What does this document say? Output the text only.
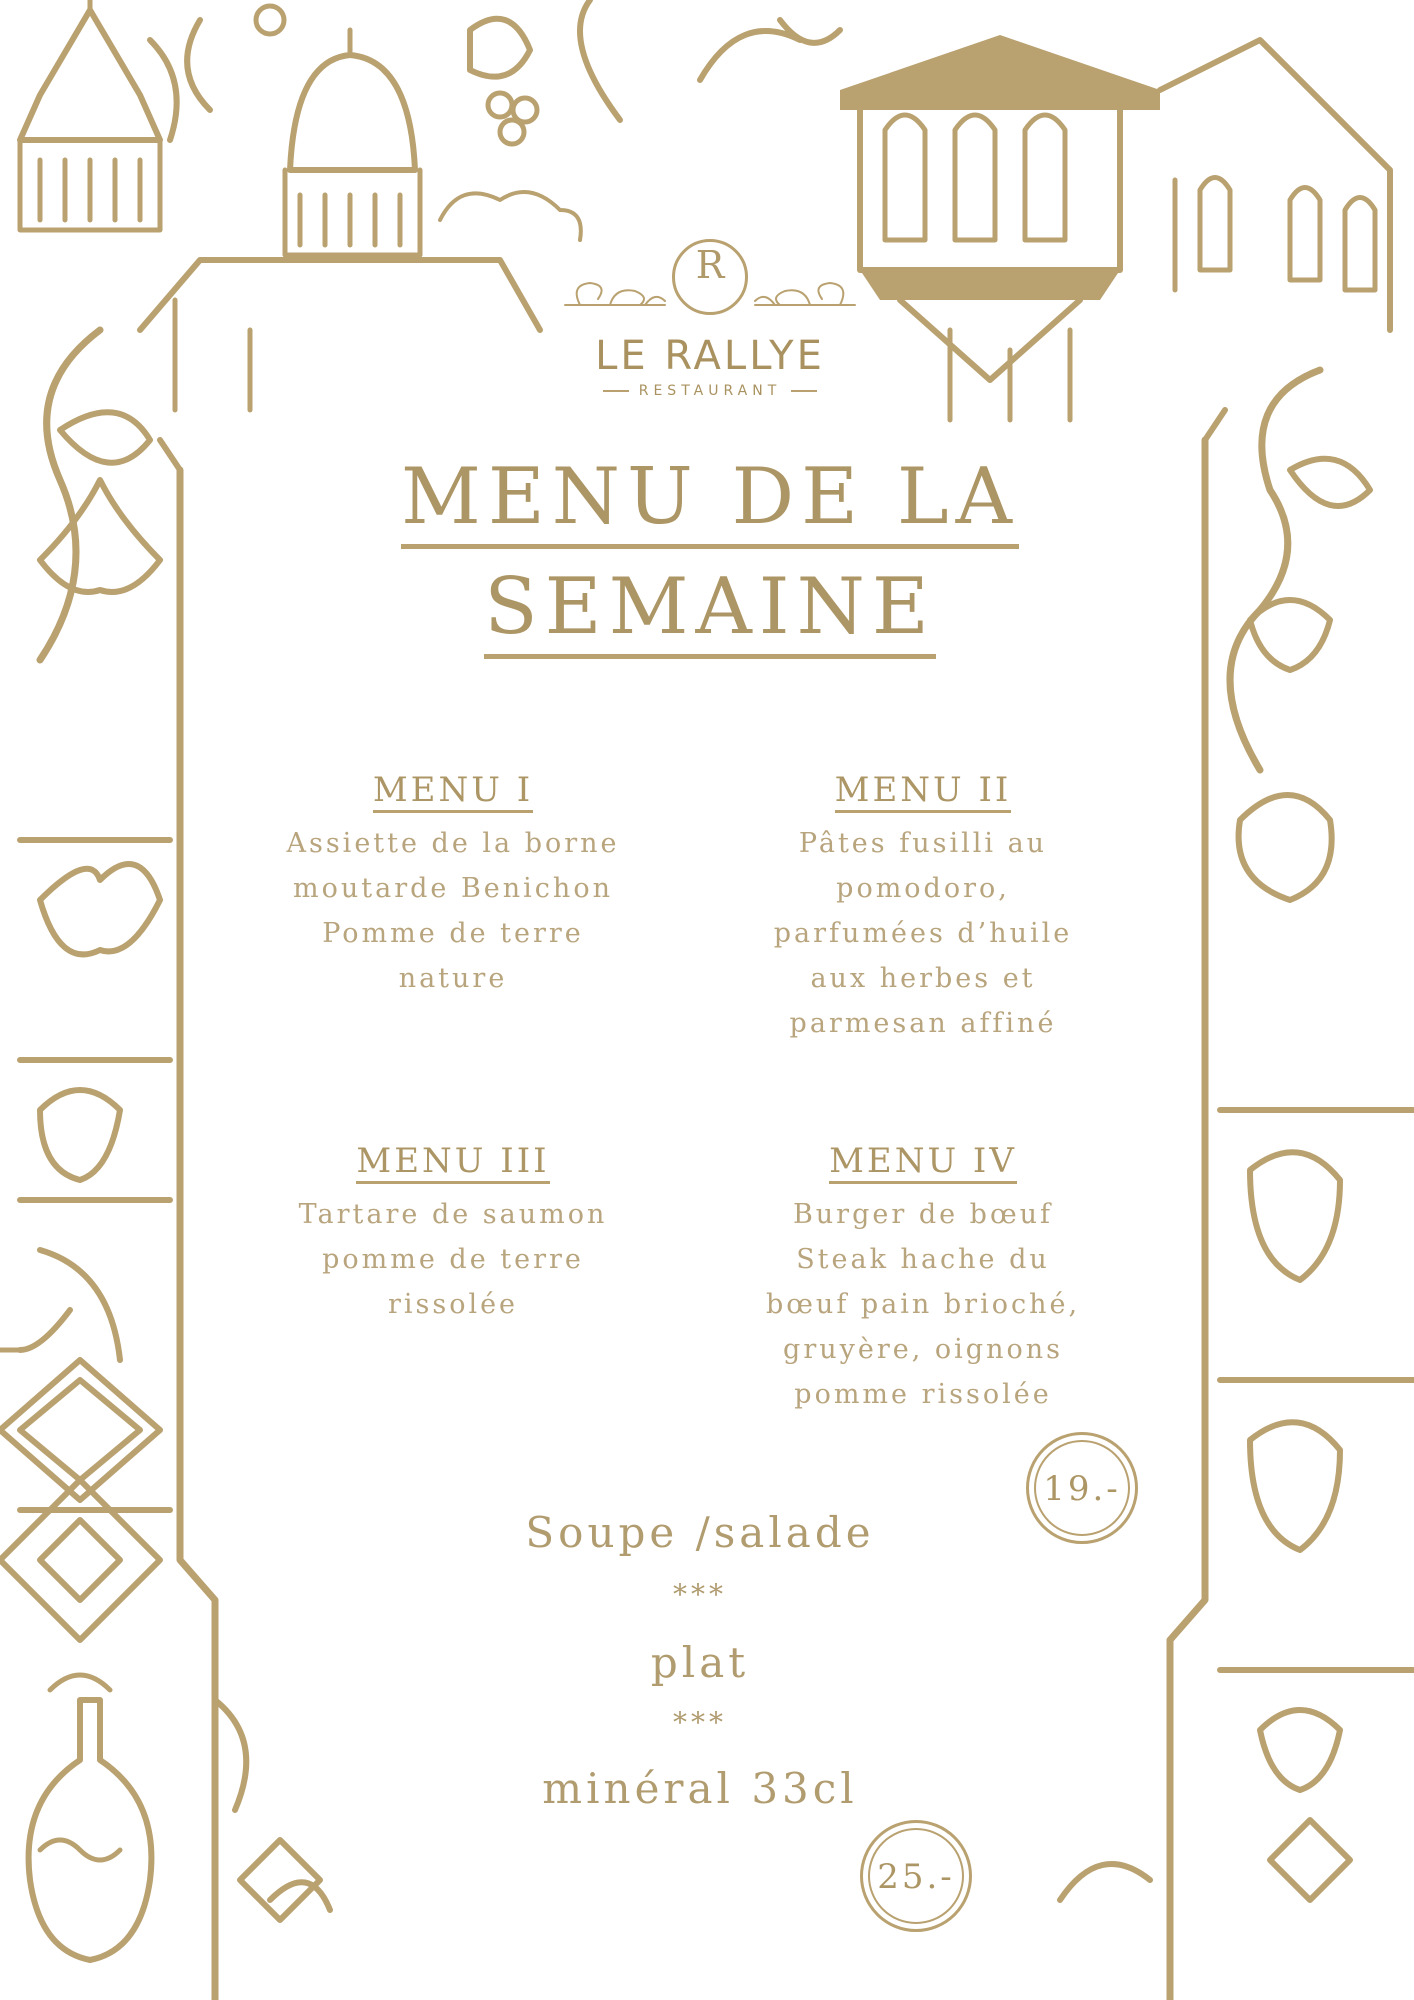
R
LE RALLYE
RESTAURANT
MENU DE LA
SEMAINE
MENU I
Assiette de la borne
moutarde Benichon
Pomme de terre
nature
MENU II
Pâtes fusilli au
pomodoro,
parfumées d’huile
aux herbes et
parmesan affiné
MENU III
Tartare de saumon
pomme de terre
rissolée
MENU IV
Burger de bœuf
Steak hache du
bœuf pain brioché,
gruyère, oignons
pomme rissolée
19.-
Soupe /salade
***
plat
***
minéral 33cl
25.-
